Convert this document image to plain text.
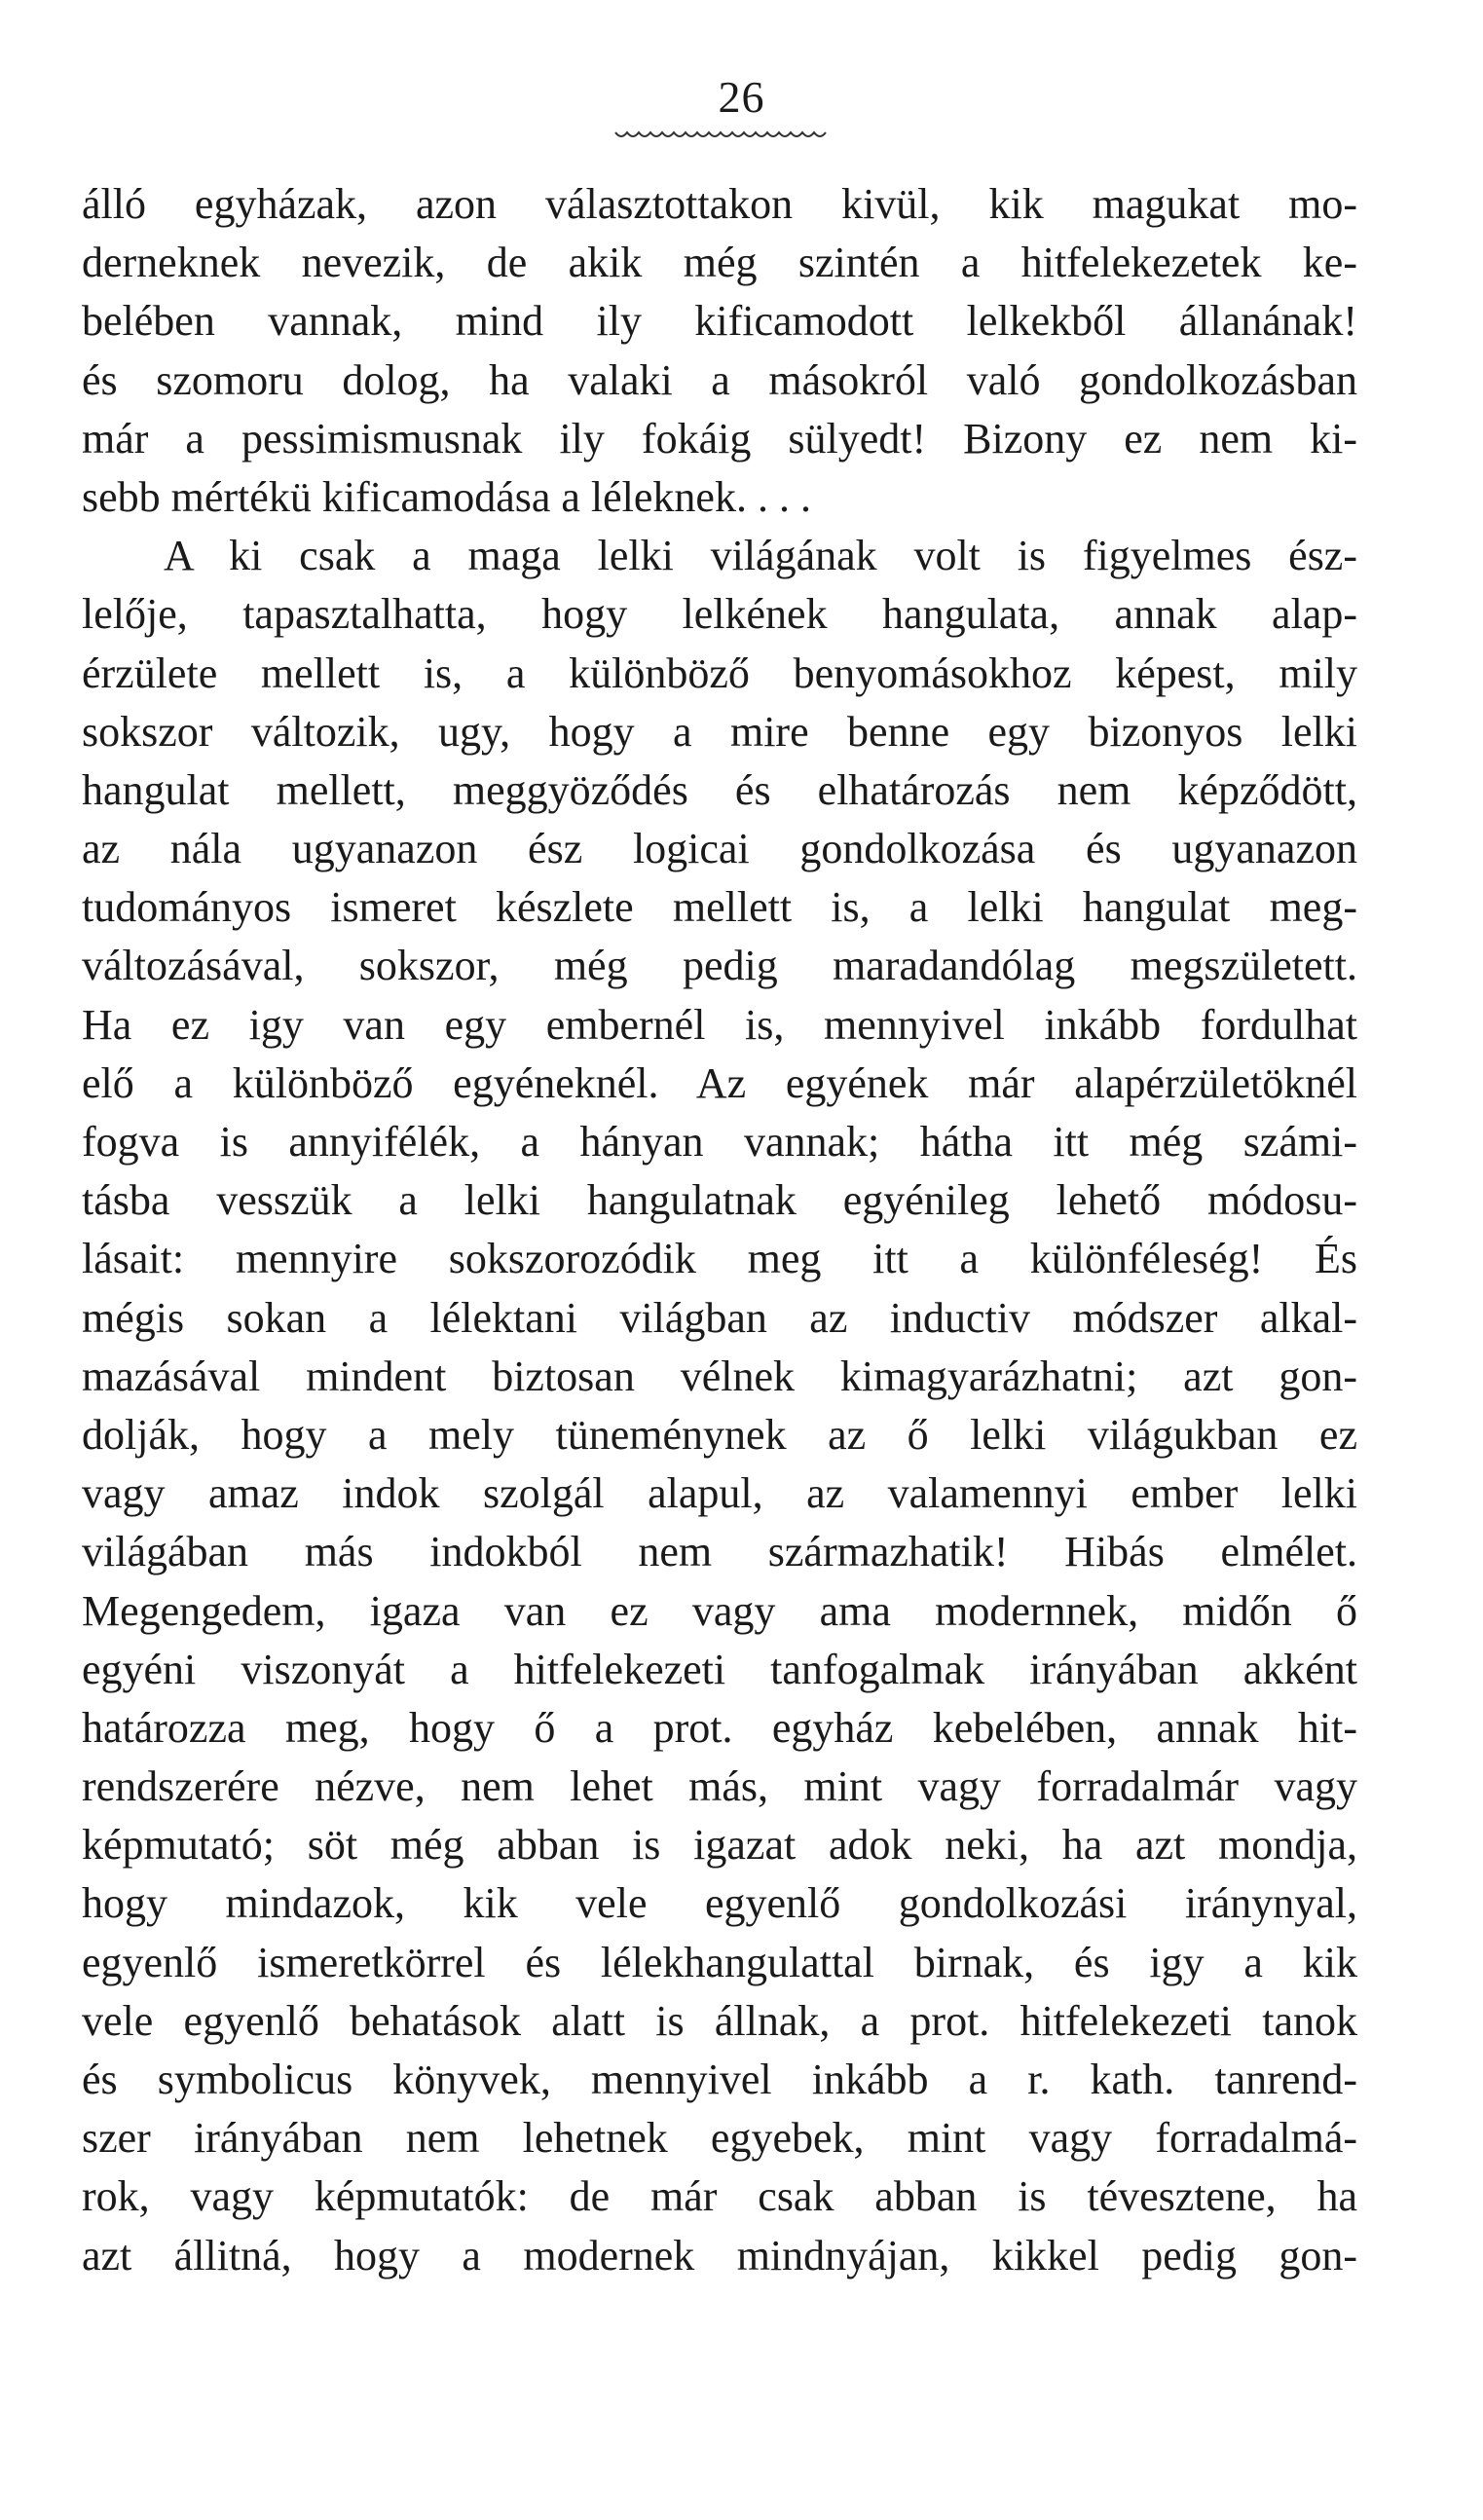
26
álló egyházak, azon választottakon kivül, kik magukat mo-
derneknek nevezik, de akik még szintén a hitfelekezetek ke-
belében vannak, mind ily kificamodott lelkekből állanának!
és szomoru dolog, ha valaki a másokról való gondolkozásban
már a pessimismusnak ily fokáig sülyedt! Bizony ez nem ki-
sebb mértékü kificamodása a léleknek. . . .
A ki csak a maga lelki világának volt is figyelmes ész-
lelője, tapasztalhatta, hogy lelkének hangulata, annak alap-
érzülete mellett is, a különböző benyomásokhoz képest, mily
sokszor változik, ugy, hogy a mire benne egy bizonyos lelki
hangulat mellett, meggyöződés és elhatározás nem képződött,
az nála ugyanazon ész logicai gondolkozása és ugyanazon
tudományos ismeret készlete mellett is, a lelki hangulat meg-
változásával, sokszor, még pedig maradandólag megszületett.
Ha ez igy van egy embernél is, mennyivel inkább fordulhat
elő a különböző egyéneknél. Az egyének már alapérzületöknél
fogva is annyifélék, a hányan vannak; hátha itt még számi-
tásba vesszük a lelki hangulatnak egyénileg lehető módosu-
lásait: mennyire sokszorozódik meg itt a különféleség! És
mégis sokan a lélektani világban az inductiv módszer alkal-
mazásával mindent biztosan vélnek kimagyarázhatni; azt gon-
dolják, hogy a mely tüneménynek az ő lelki világukban ez
vagy amaz indok szolgál alapul, az valamennyi ember lelki
világában más indokból nem származhatik! Hibás elmélet.
Megengedem, igaza van ez vagy ama modernnek, midőn ő
egyéni viszonyát a hitfelekezeti tanfogalmak irányában akként
határozza meg, hogy ő a prot. egyház kebelében, annak hit-
rendszerére nézve, nem lehet más, mint vagy forradalmár vagy
képmutató; söt még abban is igazat adok neki, ha azt mondja,
hogy mindazok, kik vele egyenlő gondolkozási iránynyal,
egyenlő ismeretkörrel és lélekhangulattal birnak, és igy a kik
vele egyenlő behatások alatt is állnak, a prot. hitfelekezeti tanok
és symbolicus könyvek, mennyivel inkább a r. kath. tanrend-
szer irányában nem lehetnek egyebek, mint vagy forradalmá-
rok, vagy képmutatók: de már csak abban is tévesztene, ha
azt állitná, hogy a modernek mindnyájan, kikkel pedig gon-
